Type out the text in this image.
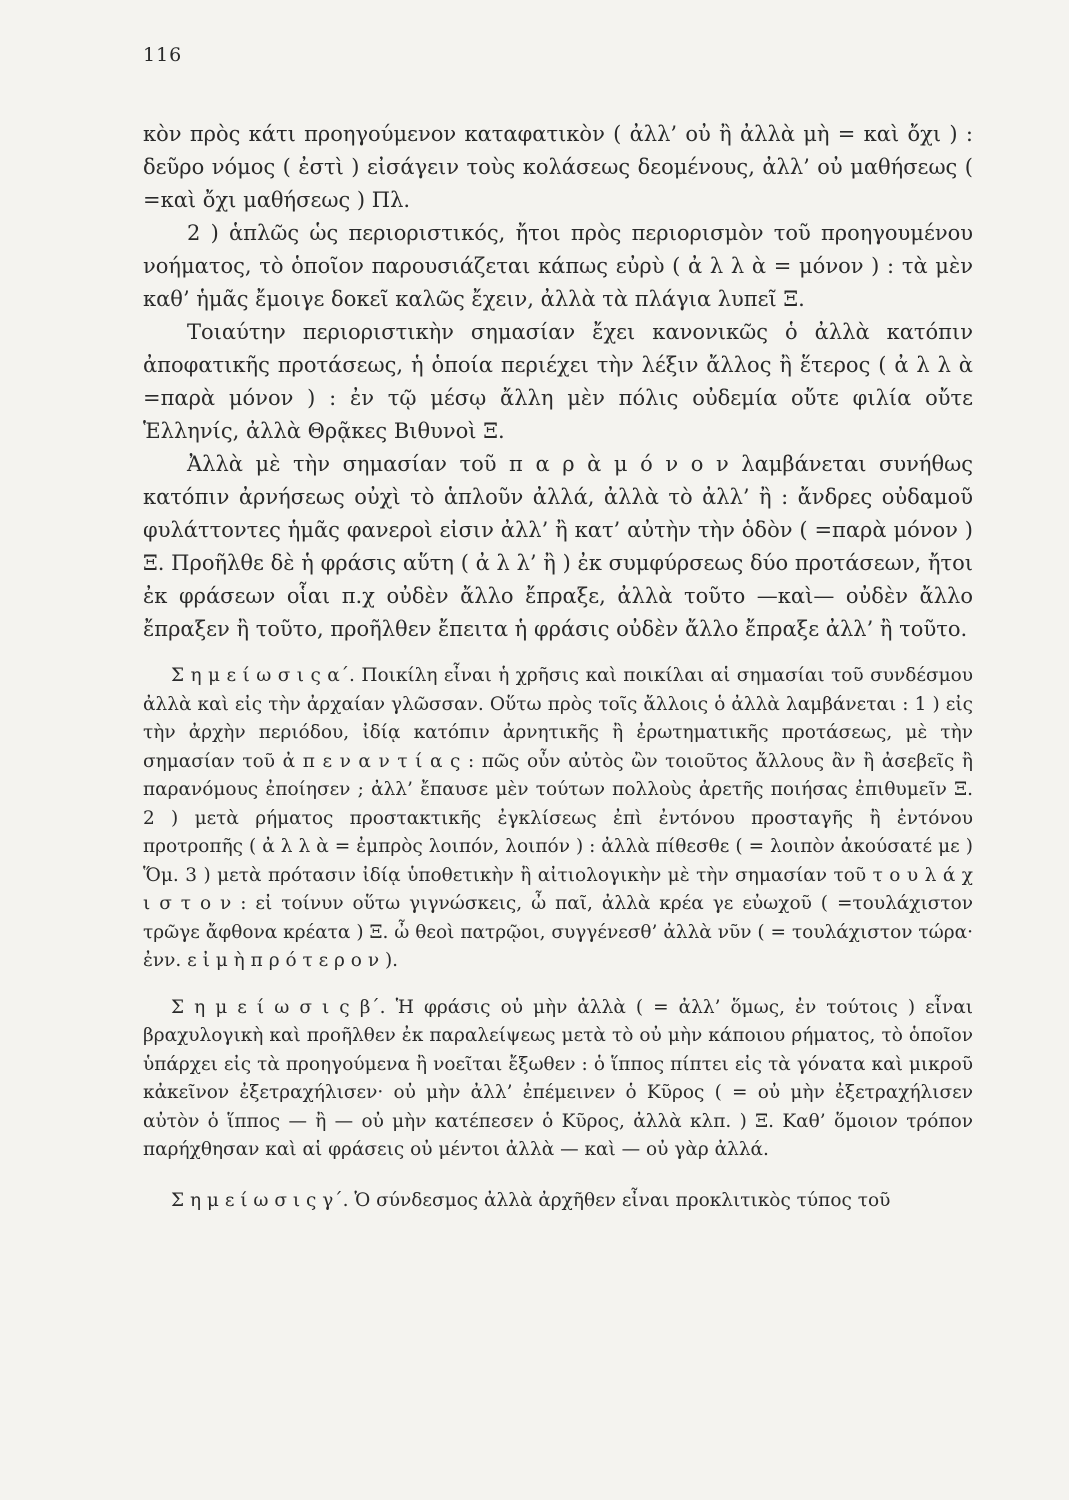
116

κὸν πρὸς κάτι προηγούμενον καταφατικὸν ( ἀλλ’ οὐ ἢ ἀλλὰ μὴ = καὶ ὄχι ) : δεῦρο νόμος ( ἐστὶ ) εἰσάγειν τοὺς κολάσεως δεομένους, ἀλλ’ οὐ μαθήσεως ( =καὶ ὄχι μαθήσεως ) Πλ.

2 ) ἁπλῶς ὡς περιοριστικός, ἤτοι πρὸς περιορισμὸν τοῦ προηγουμένου νοήματος, τὸ ὁποῖον παρουσιάζεται κάπως εὐρὺ ( ἀ λ λ ὰ = μόνον ) : τὰ μὲν καθ’ ἡμᾶς ἔμοιγε δοκεῖ καλῶς ἔχειν, ἀλλὰ τὰ πλάγια λυπεῖ Ξ.

Τοιαύτην περιοριστικὴν σημασίαν ἔχει κανονικῶς ὁ ἀλλὰ κατόπιν ἀποφατικῆς προτάσεως, ἡ ὁποία περιέχει τὴν λέξιν ἄλλος ἢ ἕτερος ( ἀ λ λ ὰ =παρὰ μόνον ) : ἐν τῷ μέσῳ ἄλλη μὲν πόλις οὐδεμία οὔτε φιλία οὔτε Ἑλληνίς, ἀλλὰ Θρᾷκες Βιθυνοὶ Ξ.

Ἀλλὰ μὲ τὴν σημασίαν τοῦ π α ρ ὰ μ ό ν ο ν λαμβάνεται συνήθως κατόπιν ἀρνήσεως οὐχὶ τὸ ἁπλοῦν ἀλλά, ἀλλὰ τὸ ἀλλ’ ἢ : ἄνδρες οὐδαμοῦ φυλάττοντες ἡμᾶς φανεροὶ εἰσιν ἀλλ’ ἢ κατ’ αὐτὴν τὴν ὁδὸν ( =παρὰ μόνον ) Ξ. Προῆλθε δὲ ἡ φράσις αὕτη ( ἀ λ λ’ ἢ ) ἐκ συμφύρσεως δύο προτάσεων, ἤτοι ἐκ φράσεων οἷαι π.χ οὐδὲν ἄλλο ἔπραξε, ἀλλὰ τοῦτο —καὶ— οὐδὲν ἄλλο ἔπραξεν ἢ τοῦτο, προῆλθεν ἔπειτα ἡ φράσις οὐδὲν ἄλλο ἔπραξε ἀλλ’ ἢ τοῦτο.

Σ η μ ε ί ω σ ι ς α΄. Ποικίλη εἶναι ἡ χρῆσις καὶ ποικίλαι αἱ σημασίαι τοῦ συνδέσμου ἀλλὰ καὶ εἰς τὴν ἀρχαίαν γλῶσσαν. Οὕτω πρὸς τοῖς ἄλλοις ὁ ἀλλὰ λαμβάνεται : 1 ) εἰς τὴν ἀρχὴν περιόδου, ἰδίᾳ κατόπιν ἀρνητικῆς ἢ ἐρωτηματικῆς προτάσεως, μὲ τὴν σημασίαν τοῦ ἀ π ε ν α ν τ ί α ς : πῶς οὖν αὐτὸς ὢν τοιοῦτος ἄλλους ἂν ἢ ἀσεβεῖς ἢ παρανόμους ἐποίησεν ; ἀλλ’ ἔπαυσε μὲν τούτων πολλοὺς ἀρετῆς ποιήσας ἐπιθυμεῖν Ξ. 2 ) μετὰ ρήματος προστακτικῆς ἐγκλίσεως ἐπὶ ἐντόνου προσταγῆς ἢ ἐντόνου προτροπῆς ( ἀ λ λ ὰ = ἐμπρὸς λοιπόν, λοιπόν ) : ἀλλὰ πίθεσθε ( = λοιπὸν ἀκούσατέ με ) Ὅμ. 3 ) μετὰ πρότασιν ἰδίᾳ ὑποθετικὴν ἢ αἰτιολογικὴν μὲ τὴν σημασίαν τοῦ τ ο υ λ ά χ ι σ τ ο ν : εἰ τοίνυν οὕτω γιγνώσκεις, ὦ παῖ, ἀλλὰ κρέα γε εὐωχοῦ ( =τουλάχιστον τρῶγε ἄφθονα κρέατα ) Ξ. ὦ θεοὶ πατρῷοι, συγγένεσθ’ ἀλλὰ νῦν ( = τουλάχιστον τώρα· ἐνν. ε ἰ μ ὴ π ρ ό τ ε ρ ο ν ).

Σ η μ ε ί ω σ ι ς β΄. Ἡ φράσις οὐ μὴν ἀλλὰ ( = ἀλλ’ ὅμως, ἐν τούτοις ) εἶναι βραχυλογικὴ καὶ προῆλθεν ἐκ παραλείψεως μετὰ τὸ οὐ μὴν κάποιου ρήματος, τὸ ὁποῖον ὑπάρχει εἰς τὰ προηγούμενα ἢ νοεῖται ἔξωθεν : ὁ ἵππος πίπτει εἰς τὰ γόνατα καὶ μικροῦ κἀκεῖνον ἐξετραχήλισεν· οὐ μὴν ἀλλ’ ἐπέμεινεν ὁ Κῦρος ( = οὐ μὴν ἐξετραχήλισεν αὐτὸν ὁ ἵππος — ἢ — οὐ μὴν κατέπεσεν ὁ Κῦρος, ἀλλὰ κλπ. ) Ξ. Καθ’ ὅμοιον τρόπον παρήχθησαν καὶ αἱ φράσεις οὐ μέντοι ἀλλὰ — καὶ — οὐ γὰρ ἀλλά.

Σ η μ ε ί ω σ ι ς γ΄. Ὁ σύνδεσμος ἀλλὰ ἀρχῆθεν εἶναι προκλιτικὸς τύπος τοῦ
